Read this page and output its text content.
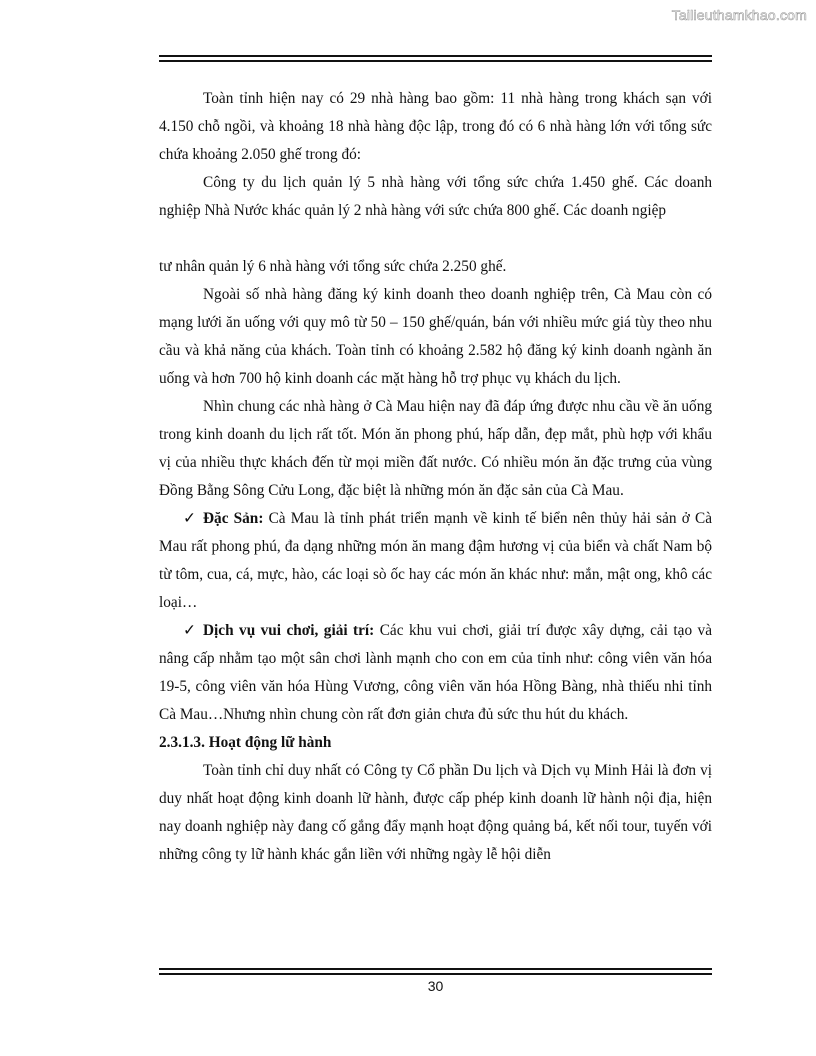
Tailieuthamkhao.com

Toàn tỉnh hiện nay có 29 nhà hàng bao gồm: 11 nhà hàng trong khách sạn với 4.150 chỗ ngồi, và khoảng 18 nhà hàng độc lập, trong đó có 6 nhà hàng lớn với tổng sức chứa khoảng 2.050 ghế trong đó:

Công ty du lịch quản lý 5 nhà hàng với tổng sức chứa 1.450 ghế. Các doanh nghiệp Nhà Nước khác quản lý 2 nhà hàng với sức chứa 800 ghế. Các doanh ngiệp

tư nhân quản lý 6 nhà hàng với tổng sức chứa 2.250 ghế.

Ngoài số nhà hàng đăng ký kinh doanh theo doanh nghiệp trên, Cà Mau còn có mạng lưới ăn uống với quy mô từ 50 – 150 ghế/quán, bán với nhiều mức giá tùy theo nhu cầu và khả năng của khách. Toàn tỉnh có khoảng 2.582 hộ đăng ký kinh doanh ngành ăn uống và hơn 700 hộ kinh doanh các mặt hàng hỗ trợ phục vụ khách du lịch.

Nhìn chung các nhà hàng ở Cà Mau hiện nay đã đáp ứng được nhu cầu về ăn uống trong kinh doanh du lịch rất tốt. Món ăn phong phú, hấp dẫn, đẹp mắt, phù hợp với khẩu vị của nhiều thực khách đến từ mọi miền đất nước. Có nhiều món ăn đặc trưng của vùng Đồng Bằng Sông Cửu Long, đặc biệt là những món ăn đặc sản của Cà Mau.

✓ Đặc Sản: Cà Mau là tỉnh phát triển mạnh về kinh tế biển nên thủy hải sản ở Cà Mau rất phong phú, đa dạng những món ăn mang đậm hương vị của biển và chất Nam bộ từ tôm, cua, cá, mực, hào, các loại sò ốc hay các món ăn khác như: mắn, mật ong, khô các loại…

✓ Dịch vụ vui chơi, giải trí: Các khu vui chơi, giải trí được xây dựng, cải tạo và nâng cấp nhằm tạo một sân chơi lành mạnh cho con em của tỉnh như: công viên văn hóa 19-5, công viên văn hóa Hùng Vương, công viên văn hóa Hồng Bàng, nhà thiếu nhi tỉnh Cà Mau…Nhưng nhìn chung còn rất đơn giản chưa đủ sức thu hút du khách.

2.3.1.3. Hoạt động lữ hành

Toàn tỉnh chỉ duy nhất có Công ty Cổ phần Du lịch và Dịch vụ Minh Hải là đơn vị duy nhất hoạt động kinh doanh lữ hành, được cấp phép kinh doanh lữ hành nội địa, hiện nay doanh nghiệp này đang cố gắng đẩy mạnh hoạt động quảng bá, kết nối tour, tuyến với những công ty lữ hành khác gắn liền với những ngày lễ hội diễn

30
